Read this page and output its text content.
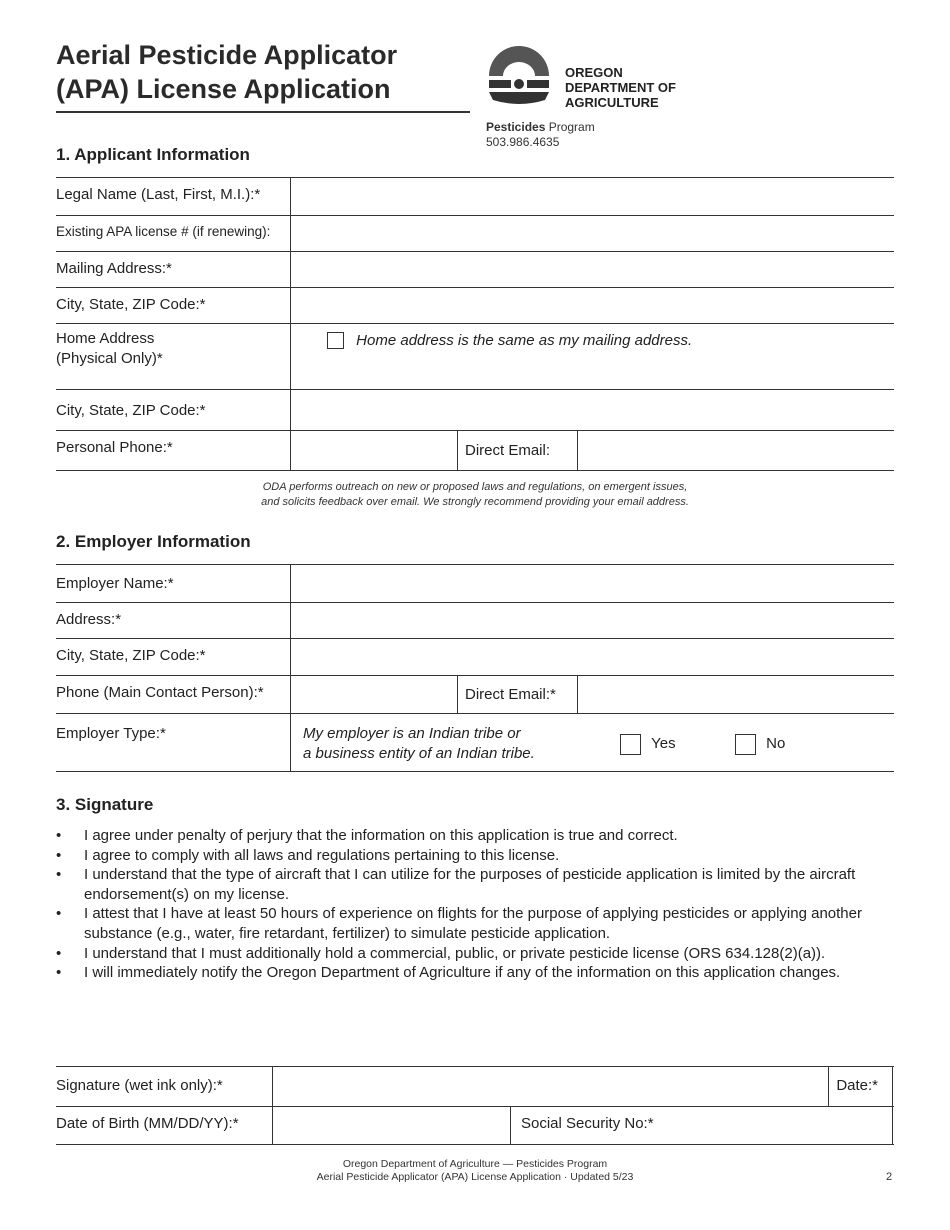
Aerial Pesticide Applicator
(APA) License Application
OREGON
DEPARTMENT OF
AGRICULTURE
Pesticides Program
503.986.4635
1. Applicant Information
Legal Name (Last, First, M.I.):*			
Existing APA license # (if renewing):			
Mailing Address:*			
City, State, ZIP Code:*			

Home Address
(Physical Only)*	Home address is the same as my mailing address.		
City, State, ZIP Code:*			
Personal Phone:*		Direct Email:	
ODA performs outreach on new or proposed laws and regulations, on emergent issues,
and solicits feedback over email. We strongly recommend providing your email address.
2. Employer Information
Employer Name:*			
Address:*			
City, State, ZIP Code:*			
Phone (Main Contact Person):*		Direct Email:*	
Employer Type:*	My employer is an Indian tribe or
a business entity of an Indian tribe.
Yes No		
3. Signature
• I agree under penalty of perjury that the information on this application is true and correct.
• I agree to comply with all laws and regulations pertaining to this license.
• I understand that the type of aircraft that I can utilize for the purposes of pesticide application is limited by the aircraft endorsement(s) on my license.
• I attest that I have at least 50 hours of experience on flights for the purpose of applying pesticides or applying another substance (e.g., water, fire retardant, fertilizer) to simulate pesticide application.
• I understand that I must additionally hold a commercial, public, or private pesticide license (ORS 634.128(2)(a)).
• I will immediately notify the Oregon Department of Agriculture if any of the information on this application changes.
Signature (wet ink only):*			Date:*	
Date of Birth (MM/DD/YY):*		Social Security No:*		
Oregon Department of Agriculture — Pesticides Program
Aerial Pesticide Applicator (APA) License Application · Updated 5/23	2
